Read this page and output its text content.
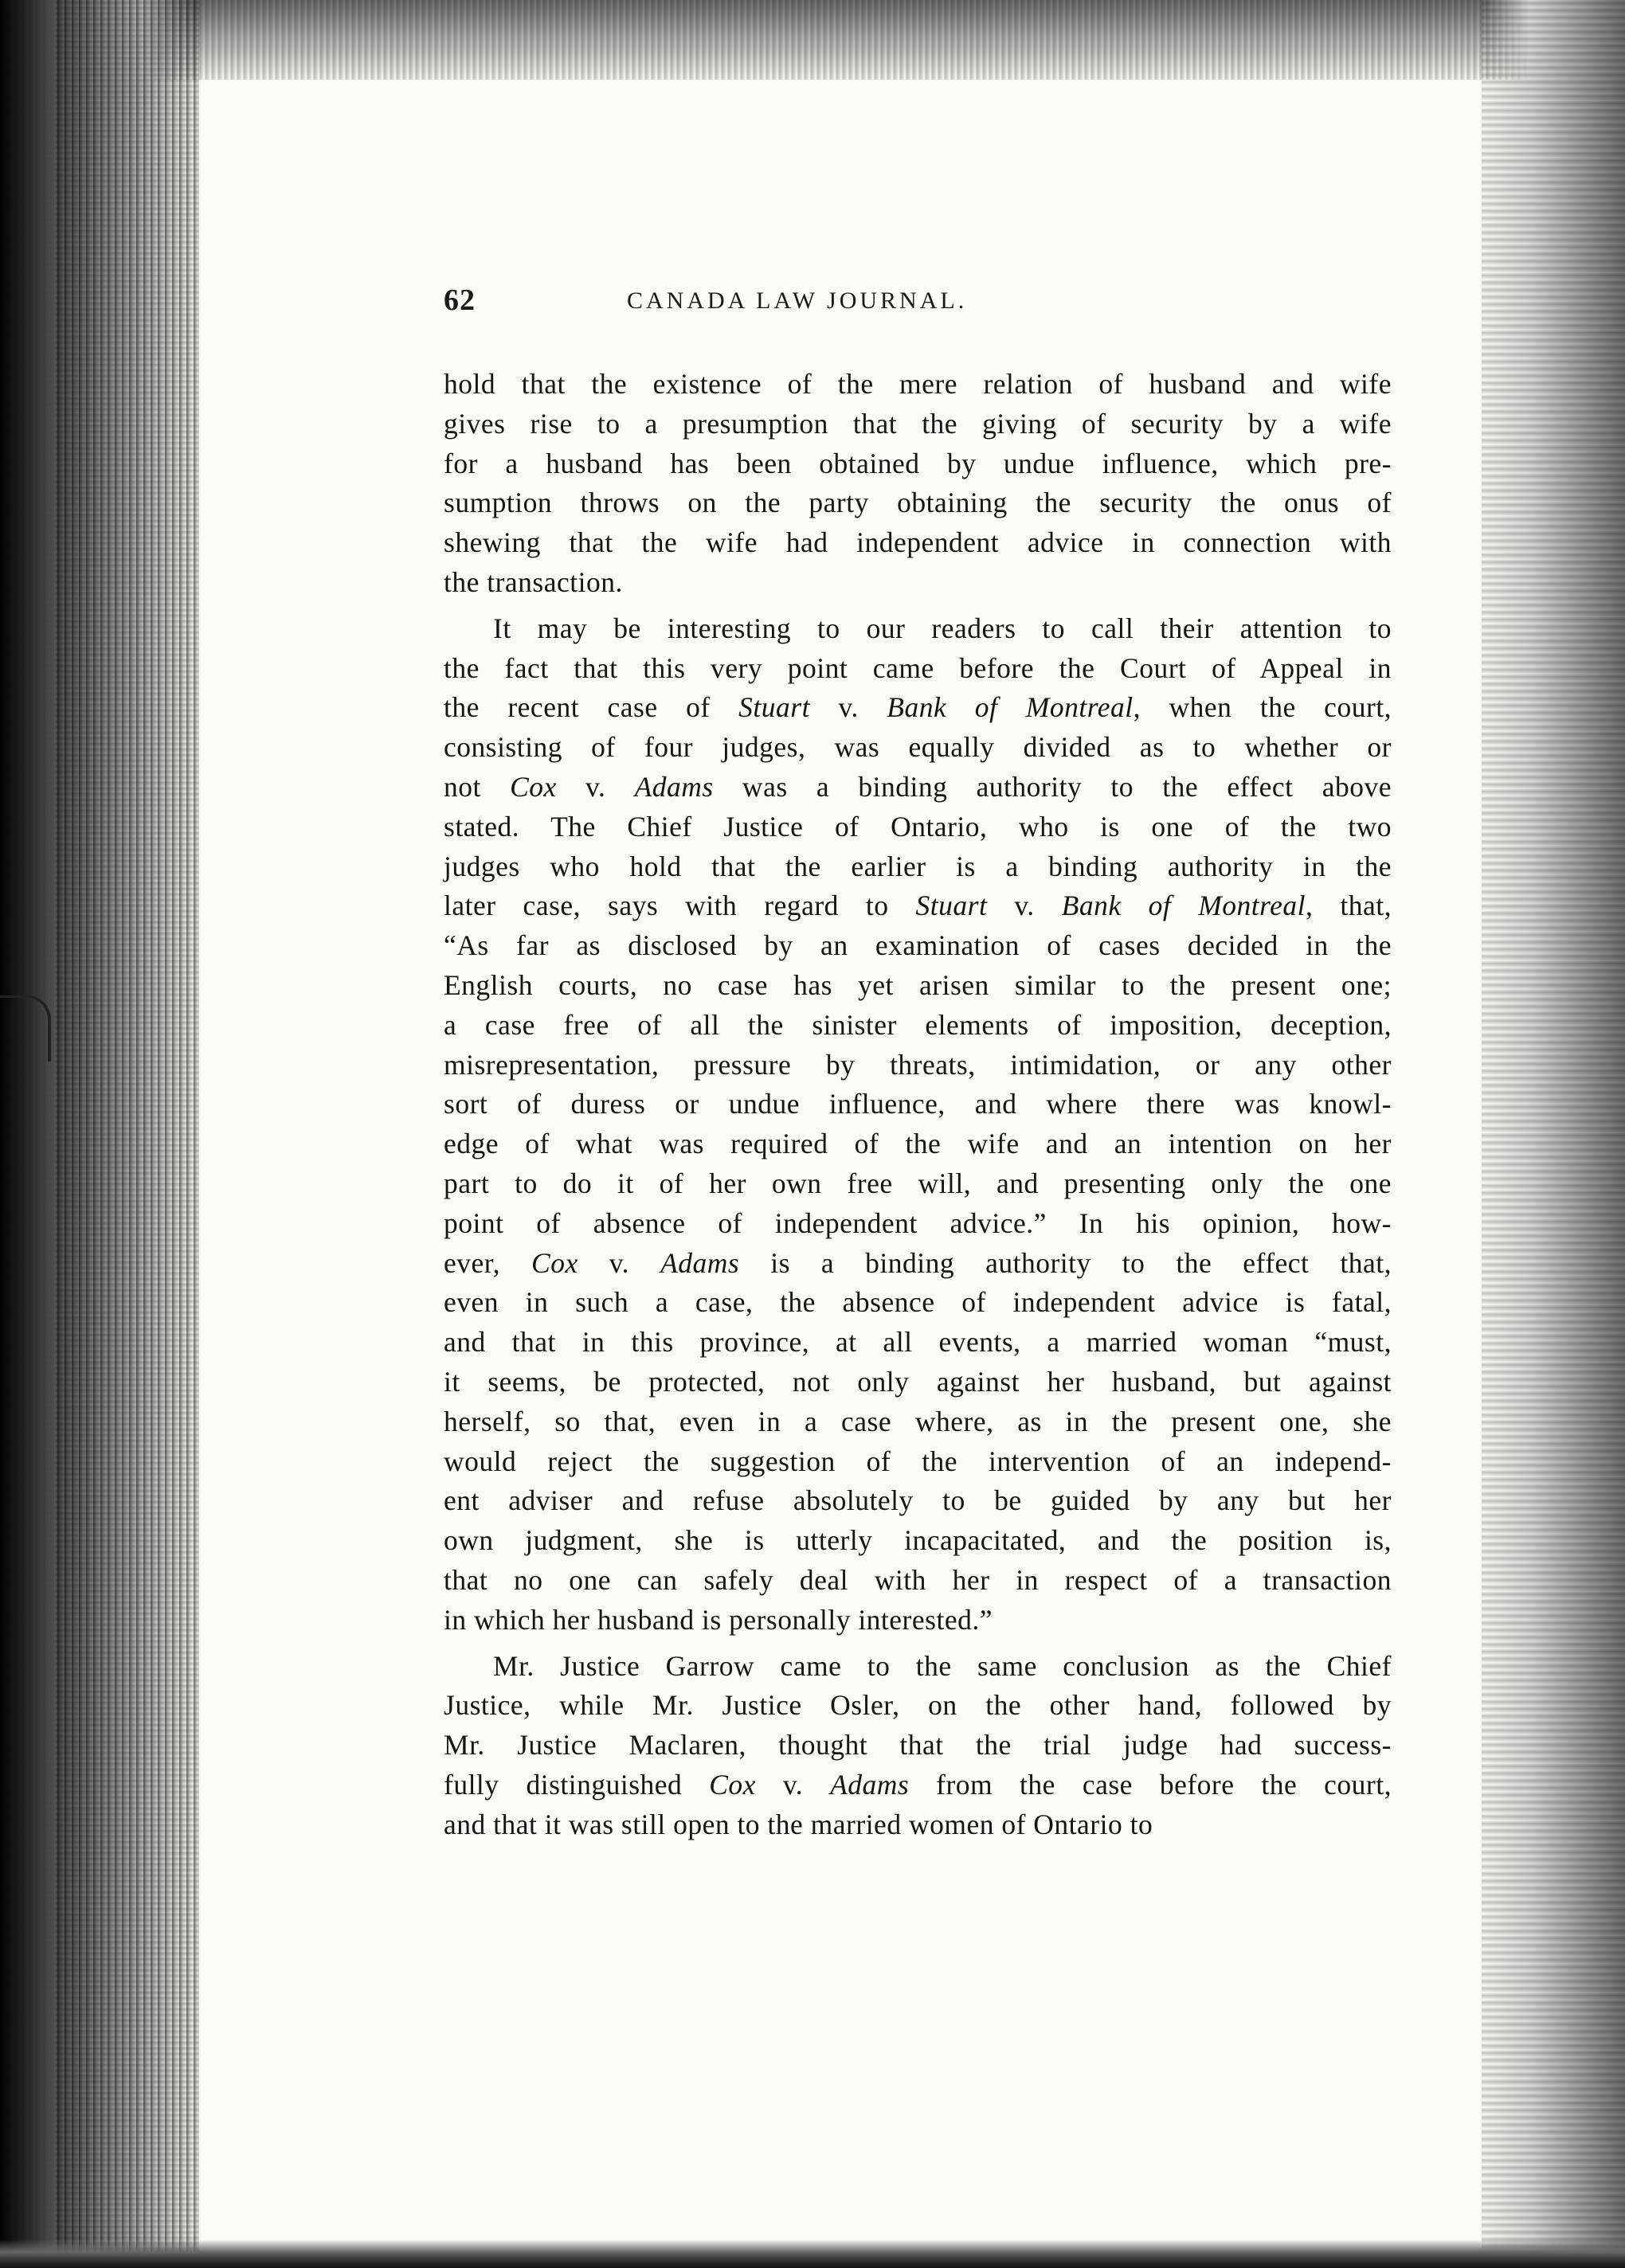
62	CANADA LAW JOURNAL.

hold that the existence of the mere relation of husband and wife
gives rise to a presumption that the giving of security by a wife
for a husband has been obtained by undue influence, which pre-
sumption throws on the party obtaining the security the onus of
shewing that the wife had independent advice in connection with
the transaction.

It may be interesting to our readers to call their attention to
the fact that this very point came before the Court of Appeal in
the recent case of Stuart v. Bank of Montreal, when the court,
consisting of four judges, was equally divided as to whether or
not Cox v. Adams was a binding authority to the effect above
stated. The Chief Justice of Ontario, who is one of the two
judges who hold that the earlier is a binding authority in the
later case, says with regard to Stuart v. Bank of Montreal, that,
“As far as disclosed by an examination of cases decided in the
English courts, no case has yet arisen similar to the present one;
a case free of all the sinister elements of imposition, deception,
misrepresentation, pressure by threats, intimidation, or any other
sort of duress or undue influence, and where there was knowl-
edge of what was required of the wife and an intention on her
part to do it of her own free will, and presenting only the one
point of absence of independent advice.” In his opinion, how-
ever, Cox v. Adams is a binding authority to the effect that,
even in such a case, the absence of independent advice is fatal,
and that in this province, at all events, a married woman “must,
it seems, be protected, not only against her husband, but against
herself, so that, even in a case where, as in the present one, she
would reject the suggestion of the intervention of an independ-
ent adviser and refuse absolutely to be guided by any but her
own judgment, she is utterly incapacitated, and the position is,
that no one can safely deal with her in respect of a transaction
in which her husband is personally interested.”

Mr. Justice Garrow came to the same conclusion as the Chief
Justice, while Mr. Justice Osler, on the other hand, followed by
Mr. Justice Maclaren, thought that the trial judge had success-
fully distinguished Cox v. Adams from the case before the court,
and that it was still open to the married women of Ontario to
